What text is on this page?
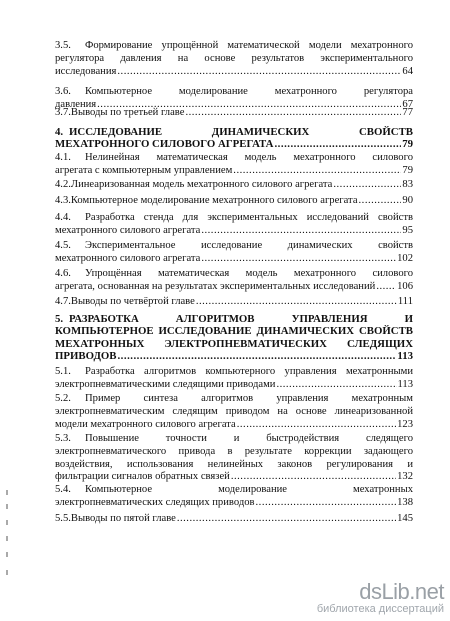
3.5. Формирование упрощённой математической модели мехатронного
регулятора давления на основе результатов экспериментального
исследования .....	64
3.6. Компьютерное моделирование мехатронного регулятора
давления .....	67
3.7. Выводы по третьей главе .....	77
4. ИССЛЕДОВАНИЕ ДИНАМИЧЕСКИХ СВОЙСТВ
МЕХАТРОННОГО СИЛОВОГО АГРЕГАТА .....	79
4.1. Нелинейная математическая модель мехатронного силового
агрегата с компьютерным управлением .....	79
4.2. Линеаризованная модель мехатронного силового агрегата .....	83
4.3. Компьютерное моделирование мехатронного силового агрегата .....	90
4.4. Разработка стенда для экспериментальных исследований свойств
мехатронного силового агрегата .....	95
4.5. Экспериментальное исследование динамических свойств
мехатронного силового агрегата .....	102
4.6. Упрощённая математическая модель мехатронного силового
агрегата, основанная на результатах экспериментальных исследований ..... 106
4.7. Выводы по четвёртой главе .....	111
5. РАЗРАБОТКА АЛГОРИТМОВ УПРАВЛЕНИЯ И
КОМПЬЮТЕРНОЕ ИССЛЕДОВАНИЕ ДИНАМИЧЕСКИХ СВОЙСТВ
МЕХАТРОННЫХ ЭЛЕКТРОПНЕВМАТИЧЕСКИХ СЛЕДЯЩИХ
ПРИВОДОВ .....	113
5.1. Разработка алгоритмов компьютерного управления мехатронными
электропневматическими следящими приводами .....	113
5.2. Пример синтеза алгоритмов управления мехатронным
электропневматическим следящим приводом на основе линеаризованной
модели мехатронного силового агрегата .....	123
5.3. Повышение точности и быстродействия следящего
электропневматического привода в результате коррекции задающего
воздействия, использования нелинейных законов регулирования и
фильтрации сигналов обратных связей .....	132
5.4. Компьютерное моделирование мехатронных
электропневматических следящих приводов .....	138
5.5. Выводы по пятой главе .....	145
dsLib.net
библиотека диссертаций
